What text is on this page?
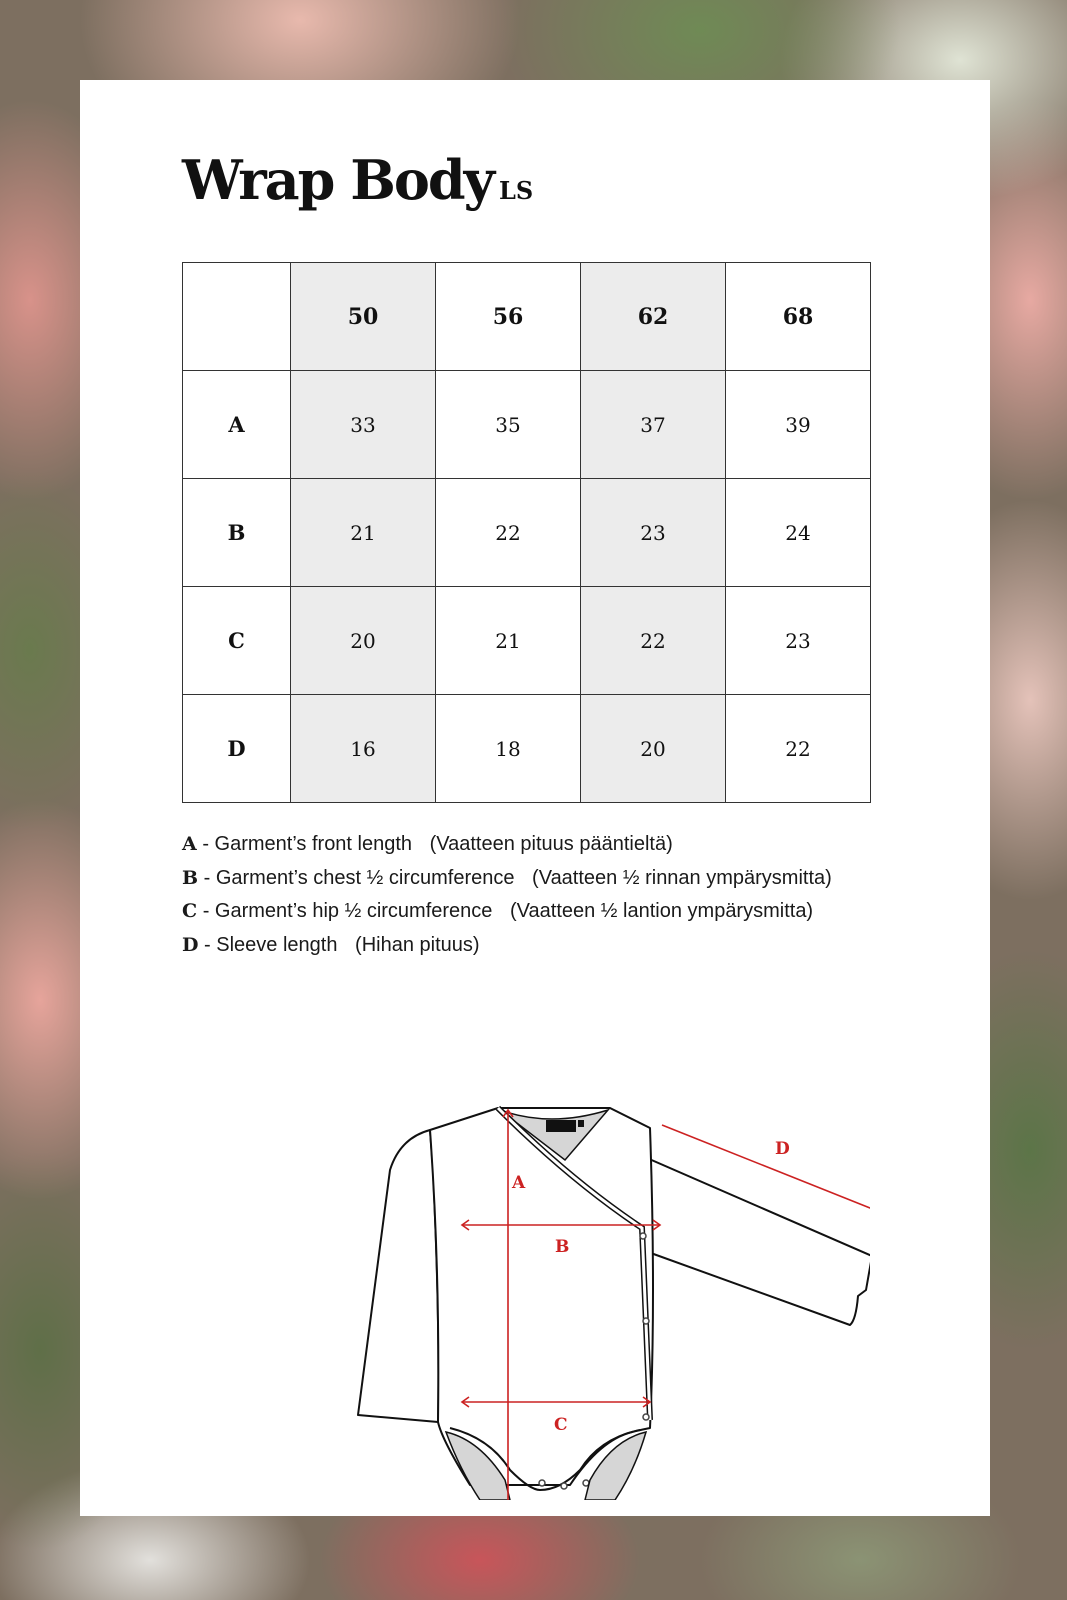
Wrap Body LS
	50	56	62	68
A	33	35	37	39
B	21	22	23	24
C	20	21	22	23
D	16	18	20	22
A - Garment’s front length (Vaatteen pituus pääntieltä)
B - Garment’s chest ½ circumference (Vaatteen ½ rinnan ympärysmitta)
C - Garment’s hip ½ circumference (Vaatteen ½ lantion ympärysmitta)
D - Sleeve length (Hihan pituus)
A
B
C
D
